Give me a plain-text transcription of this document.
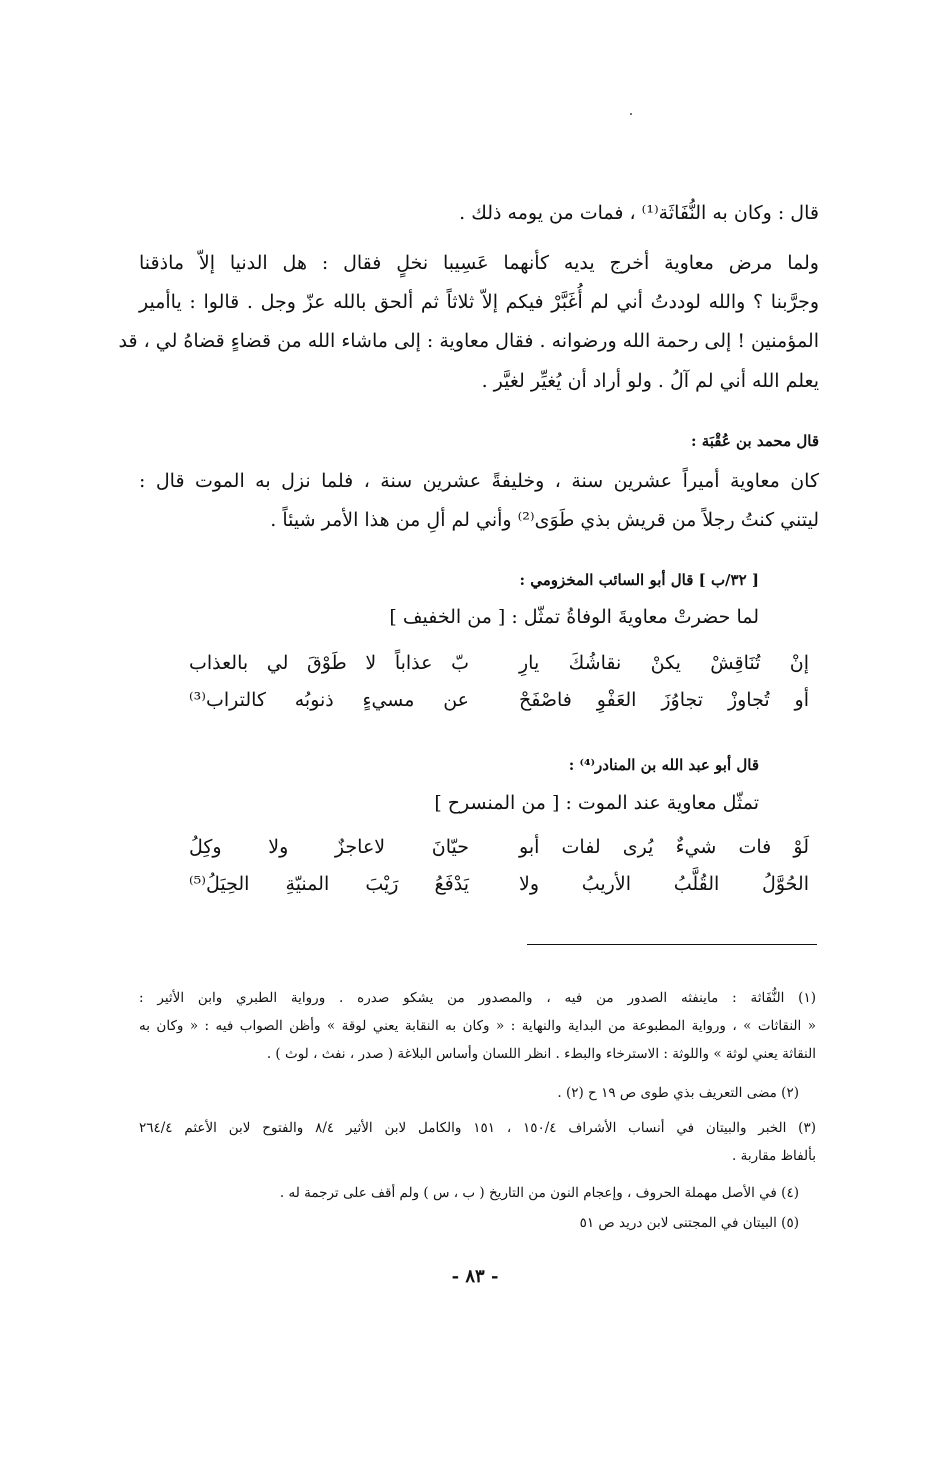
قال : وكان به النُّفَاثَة⁽¹⁾ ، فمات من يومه ذلك .
ولما مرض معاوية أخرج يديه كأنهما عَسِيبا نخلٍ فقال : هل الدنيا إلاّ ماذقنا
وجرَّبنا ؟ والله لوددتُ أني لم أُغَبَّرْ فيكم إلاّ ثلاثاً ثم ألحق بالله عزّ وجل . قالوا : ياأمير
المؤمنين ! إلى رحمة الله ورضوانه . فقال معاوية : إلى ماشاء الله من قضاءٍ قضاهُ لي ، قد
يعلم الله أني لم آلُ . ولو أراد أن يُغيِّر لغيَّر .
قال محمد بن عُقْبَة :
كان معاوية أميراً عشرين سنة ، وخليفةً عشرين سنة ، فلما نزل به الموت قال :
ليتني كنتُ رجلاً من قريش بذي طَوَى⁽²⁾ وأني لم ألِ من هذا الأمر شيئاً .
[ ٣٢/ب ] قال أبو السائب المخزومي :
لما حضرتْ معاويةَ الوفاةُ تمثّل : [ من الخفيف ]
إنْ تُنَاقِشْ يكنْ نقاشُكَ يارِ
بّ عذاباً لا طَوْقَ لي بالعذاب
أو تُجاوزْ تجاوُزَ العَفْوِ فاصْفَحْ
عن مسيءٍ ذنوبُه كالتراب⁽³⁾
قال أبو عبد الله بن المنادر⁽⁴⁾ :
تمثّل معاوية عند الموت : [ من المنسرح ]
لَوْ فات شيءٌ يُرى لفات أبو
حيّانَ لاعاجزٌ ولا وكِلُ
الحُوَّلُ القُلَّبُ الأريبُ ولا
يَدْفَعُ رَيْبَ المنيّةِ الحِيَلُ⁽⁵⁾
(١) النُّفَاثة : ماينفثه الصدور من فيه ، والمصدور من يشكو صدره . ورواية الطبري وابن الأثير :
« النقاثات » ، ورواية المطبوعة من البداية والنهاية : « وكان به النقابة يعني لوقة » وأظن الصواب فيه : « وكان به
النقاثة يعني لوثة » واللوثة : الاسترخاء والبطء . انظر اللسان وأساس البلاغة ( صدر ، نفث ، لوث ) .
(٢) مضى التعريف بذي طوى ص ١٩ ح (٢) .
(٣) الخبر والبيتان في أنساب الأشراف ١٥٠/٤ ، ١٥١ والكامل لابن الأثير ٨/٤ والفتوح لابن الأعثم ٢٦٤/٤
بألفاظ مقاربة .
(٤) في الأصل مهملة الحروف ، وإعجام النون من التاريخ ( ب ، س ) ولم أقف على ترجمة له .
(٥) البيتان في المجتنى لابن دريد ص ٥١
- ٨٣ -
